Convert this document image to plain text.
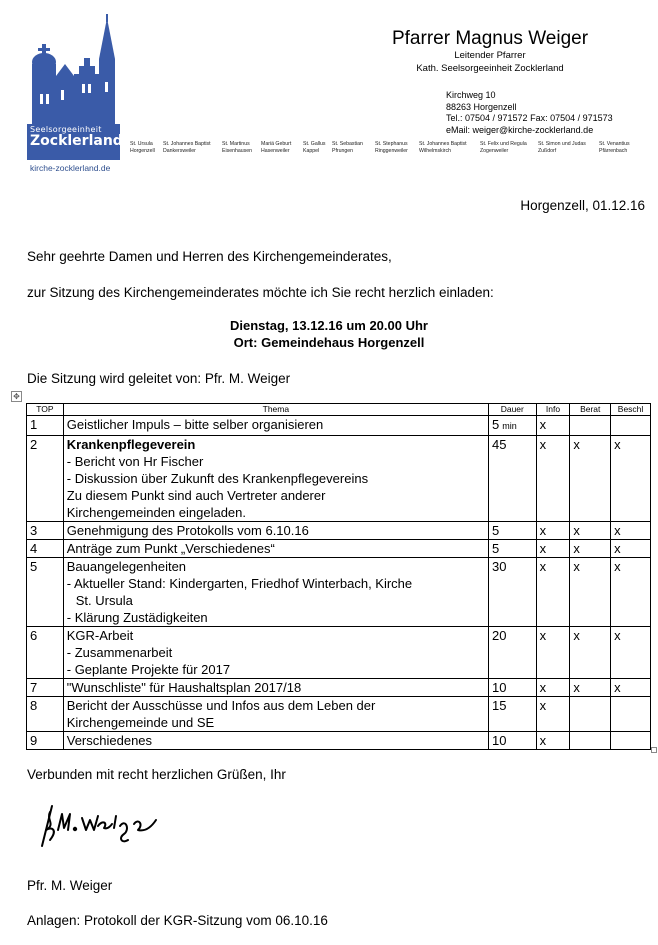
Seelsorgeeinheit
Zocklerland
kirche-zocklerland.de
Pfarrer Magnus Weiger
Leitender Pfarrer
Kath. Seelsorgeeinheit Zocklerland
Kirchweg 10
88263 Horgenzell
Tel.: 07504 / 971572 Fax: 07504 / 971573
eMail: weiger@kirche-zocklerland.de
St. Ursula
Horgenzell
St. Johannes Baptist
Dankersweiler
St. Martinus
Eisenhausen
Mariä Geburt
Hasenweiler
St. Gallus
Kappel
St. Sebastian
Pfrungen
St. Stephanus
Ringgenweiler
St. Johannes Baptist
Wilhelmskirch
St. Felix und Regula
Zogenweiler
St. Simon und Judas
Zußdorf
St. Venantius
Pfärrenbach
Horgenzell, 01.12.16
Sehr geehrte Damen und Herren des Kirchengemeinderates,
zur Sitzung des Kirchengemeinderates möchte ich Sie recht herzlich einladen:
Dienstag, 13.12.16 um 20.00 Uhr
Ort: Gemeindehaus Horgenzell
Die Sitzung wird geleitet von: Pfr. M. Weiger
✥
TOP	Thema	Dauer	Info	Berat	Beschl
1	Geistlicher Impuls – bitte selber organisieren	5 min	x		
2	Krankenpflegeverein
- Bericht von Hr Fischer
- Diskussion über Zukunft des Krankenpflegevereins
Zu diesem Punkt sind auch Vertreter anderer
Kirchengemeinden eingeladen.	45	x	x	x
3	Genehmigung des Protokolls vom 6.10.16	5	x	x	x
4	Anträge zum Punkt „Verschiedenes“	5	x	x	x
5	Bauangelegenheiten
- Aktueller Stand: Kindergarten, Friedhof Winterbach, Kirche
St. Ursula
- Klärung Zustädigkeiten	30	x	x	x
6	KGR-Arbeit
- Zusammenarbeit
- Geplante Projekte für 2017	20	x	x	x
7	"Wunschliste" für Haushaltsplan 2017/18	10	x	x	x
8	Bericht der Ausschüsse und Infos aus dem Leben der
Kirchengemeinde und SE	15	x		
9	Verschiedenes	10	x		
Verbunden mit recht herzlichen Grüßen, Ihr
Pfr. M. Weiger
Anlagen: Protokoll der KGR-Sitzung vom 06.10.16
